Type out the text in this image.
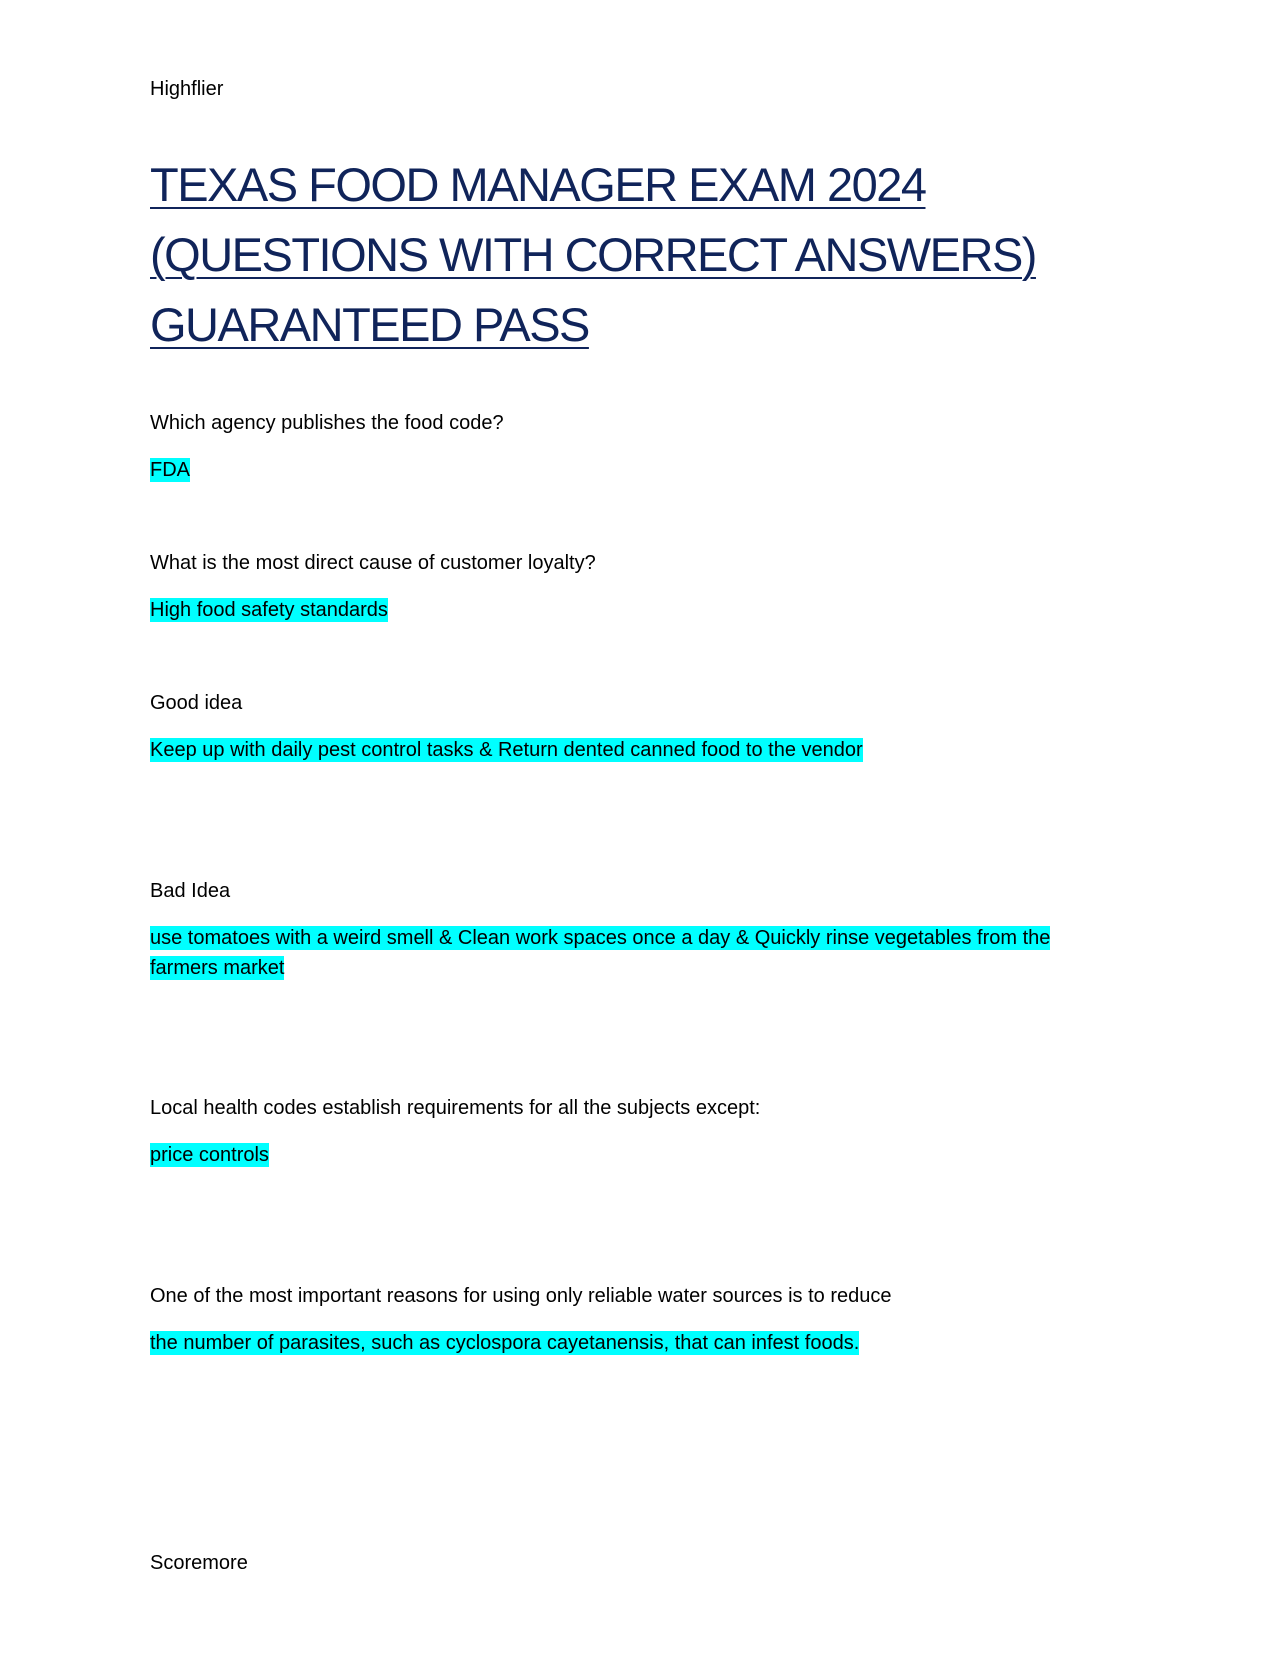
Highflier
TEXAS FOOD MANAGER EXAM 2024
(QUESTIONS WITH CORRECT ANSWERS)
GUARANTEED PASS
Which agency publishes the food code?
FDA
What is the most direct cause of customer loyalty?
High food safety standards
Good idea
Keep up with daily pest control tasks & Return dented canned food to the vendor
Bad Idea
use tomatoes with a weird smell & Clean work spaces once a day & Quickly rinse vegetables from the
farmers market
Local health codes establish requirements for all the subjects except:
price controls
One of the most important reasons for using only reliable water sources is to reduce
the number of parasites, such as cyclospora cayetanensis, that can infest foods.
Scoremore
